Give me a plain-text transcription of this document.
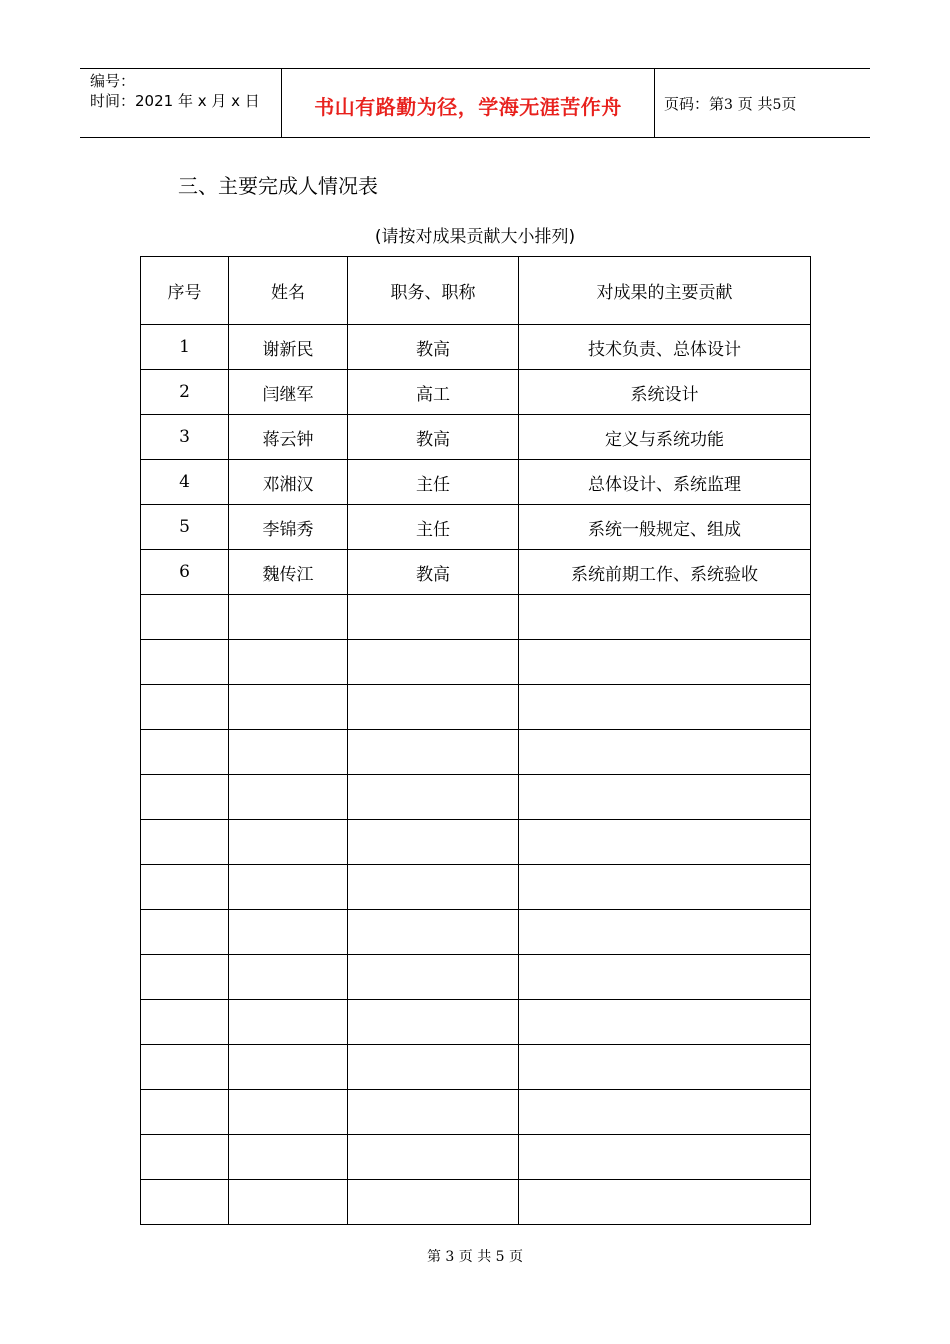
编号：
时间：2021 年 x 月 x 日	书山有路勤为径，学海无涯苦作舟	页码：第3 页 共5页
三、主要完成人情况表
(请按对成果贡献大小排列)
序号	姓名	职务、职称	对成果的主要贡献
1	谢新民	教高	技术负责、总体设计
2	闫继军	高工	系统设计
3	蒋云钟	教高	定义与系统功能
4	邓湘汉	主任	总体设计、系统监理
5	李锦秀	主任	系统一般规定、组成
6	魏传江	教高	系统前期工作、系统验收

第 3 页 共 5 页
